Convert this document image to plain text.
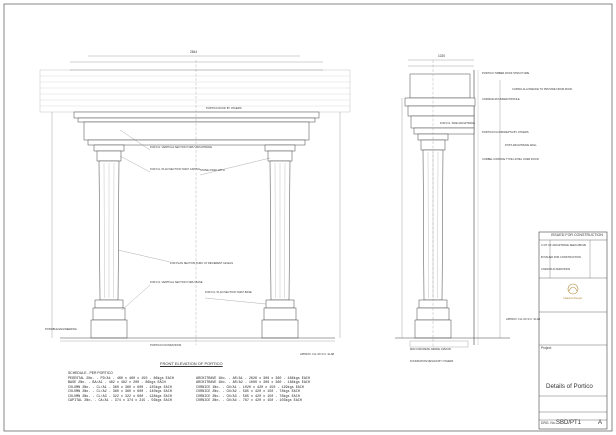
2844
PORTICO ROOF BY OTHERS
FOR F.G. VERTICAL SECTION THRU' ARCHITRAVE
FOR F.G. PLAN SECTION THRU' CAPITAL STONE FIXED WITH
FOR PLAN SECTION THRU' AT DIFFERENT LEVELS
FOR F.G. PLAN SECTION THRU' BASE
FOR F.G. VERTICAL SECTION THRU' BASE
POSSIBLE ENGINEERING
PORTICO FOUNDATIONS
APPROX. LVL OF R.C. SLAB
FRONT ELEVATION OF PORTICO
1020
PORTICO TIMBER ROOF STRUCTURE
COPING ALLOWANCE TO PROVIDE FROM ROOF
CORNICE ROUNDED PROFILE
PORTICO FLOOR/DEPTH BY OTHERS
POST ARCHITRAVE WALL
FOR F.G. SIDE ARCHITRAVE
CORBEL CORNICE TYPE LINTEL OVER DOOR
APPROX. LVL OF R.C. SLAB
MIN CONCRETE GRADE C25/C30
FOUNDATION DESIGN BY OTHERS
SCHEDULE - PER PORTICO
PEDESTAL 2No. - PD/A1 - 460 x 460 x 150 - 86kgs EACH
BASE 2No. - BA/A1 - 482 x 482 x 200 - 86kgs EACH
COLUMN 2No. - CL/A1 - 360 x 360 x 600 - 135kgs EACH
COLUMN 2No. - CL/A2 - 360 x 360 x 600 - 140kgs EACH
COLUMN 2No. - CL/A3 - 322 x 322 x 600 - 128kgs EACH
CAPITAL 2No. - CA/A1 - 374 x 374 x 215 - 56kgs EACH
ARCHITRAVE 1No. - AR/A1 - 2626 x 306 x 360 - 488kgs EACH
ARCHITRAVE 1No. - AR/A2 - 1000 x 306 x 360 - 186kgs EACH
CORNICE 1No. - CN/A1 - 1020 x 420 x 150 - 129kgs EACH
CORNICE 2No. - CN/A2 - 585 x 420 x 150 - 78kgs EACH
CORNICE 2No. - CN/A3 - 585 x 420 x 150 - 78kgs EACH
CORNICE 2No. - CN/A4 - 767 x 420 x 150 - 103kgs EACH
ISSUED FOR CONSTRUCTION
C FIT OF ARCHITRAVE SEEN ABOVE
B ISSUED FOR CONSTRUCTION
A MINOR ALTERATIONS
Classical Design
Project:
Details of Portico
DRG. No:- SBD/PT1	A
